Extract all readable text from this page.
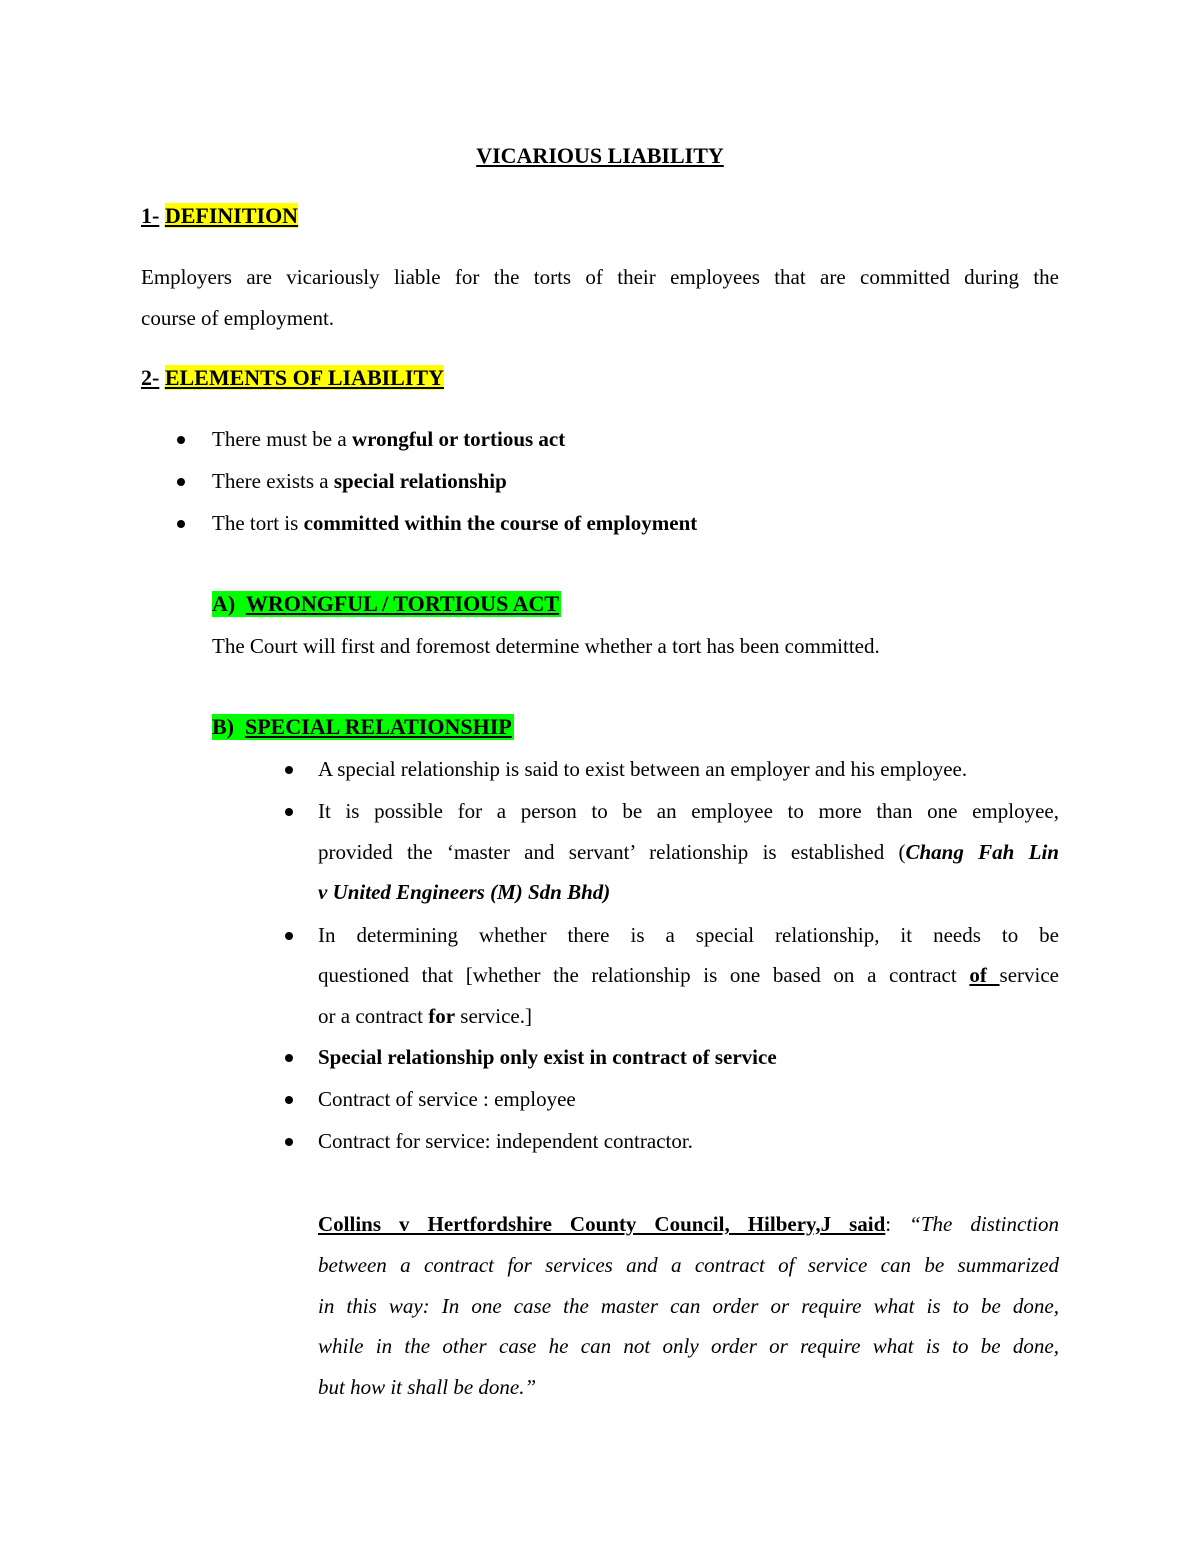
VICARIOUS LIABILITY
1- DEFINITION
Employers are vicariously liable for the torts of their employees that are committed during the
course of employment.
2- ELEMENTS OF LIABILITY
There must be a wrongful or tortious act
There exists a special relationship
The tort is committed within the course of employment
A) WRONGFUL / TORTIOUS ACT
The Court will first and foremost determine whether a tort has been committed.
B) SPECIAL RELATIONSHIP
A special relationship is said to exist between an employer and his employee.
It is possible for a person to be an employee to more than one employee,
provided the ‘master and servant’ relationship is established (Chang Fah Lin
v United Engineers (M) Sdn Bhd)
In determining whether there is a special relationship, it needs to be
questioned that [whether the relationship is one based on a contract of service
or a contract for service.]
Special relationship only exist in contract of service
Contract of service : employee
Contract for service: independent contractor.
Collins v Hertfordshire County Council, Hilbery,J said: “The distinction
between a contract for services and a contract of service can be summarized
in this way: In one case the master can order or require what is to be done,
while in the other case he can not only order or require what is to be done,
but how it shall be done.”
